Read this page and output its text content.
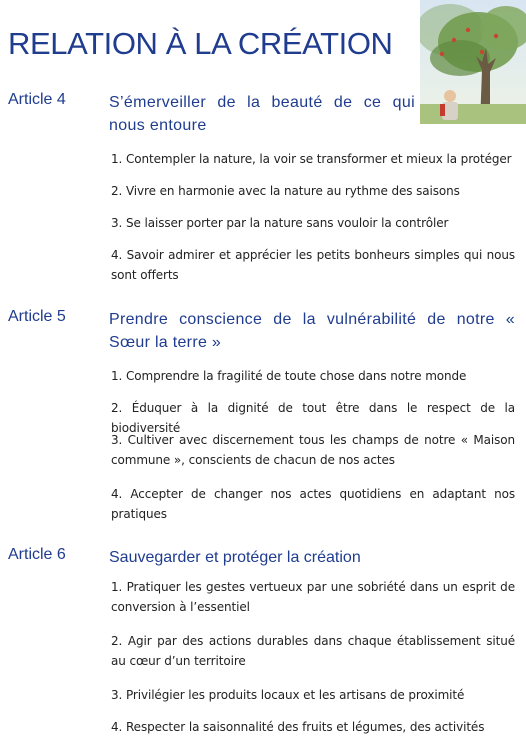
RELATION À LA CRÉATION
Article 4	S’émerveiller de la beauté de ce qui nous entoure
1. Contempler la nature, la voir se transformer et mieux la protéger
2. Vivre en harmonie avec la nature au rythme des saisons
3. Se laisser porter par la nature sans vouloir la contrôler
4. Savoir admirer et apprécier les petits bonheurs simples qui nous sont offerts
Article 5	Prendre conscience de la vulnérabilité de notre « Sœur la terre »
1. Comprendre la fragilité de toute chose dans notre monde
2. Éduquer à la dignité de tout être dans le respect de la biodiversité
3. Cultiver avec discernement tous les champs de notre « Maison commune », conscients de chacun de nos actes
4. Accepter de changer nos actes quotidiens en adaptant nos pratiques
Article 6	Sauvegarder et protéger la création
1. Pratiquer les gestes vertueux par une sobriété dans un esprit de conversion à l’essentiel
2. Agir par des actions durables dans chaque établissement situé au cœur d’un territoire
3. Privilégier les produits locaux et les artisans de proximité
4. Respecter la saisonnalité des fruits et légumes, des activités
